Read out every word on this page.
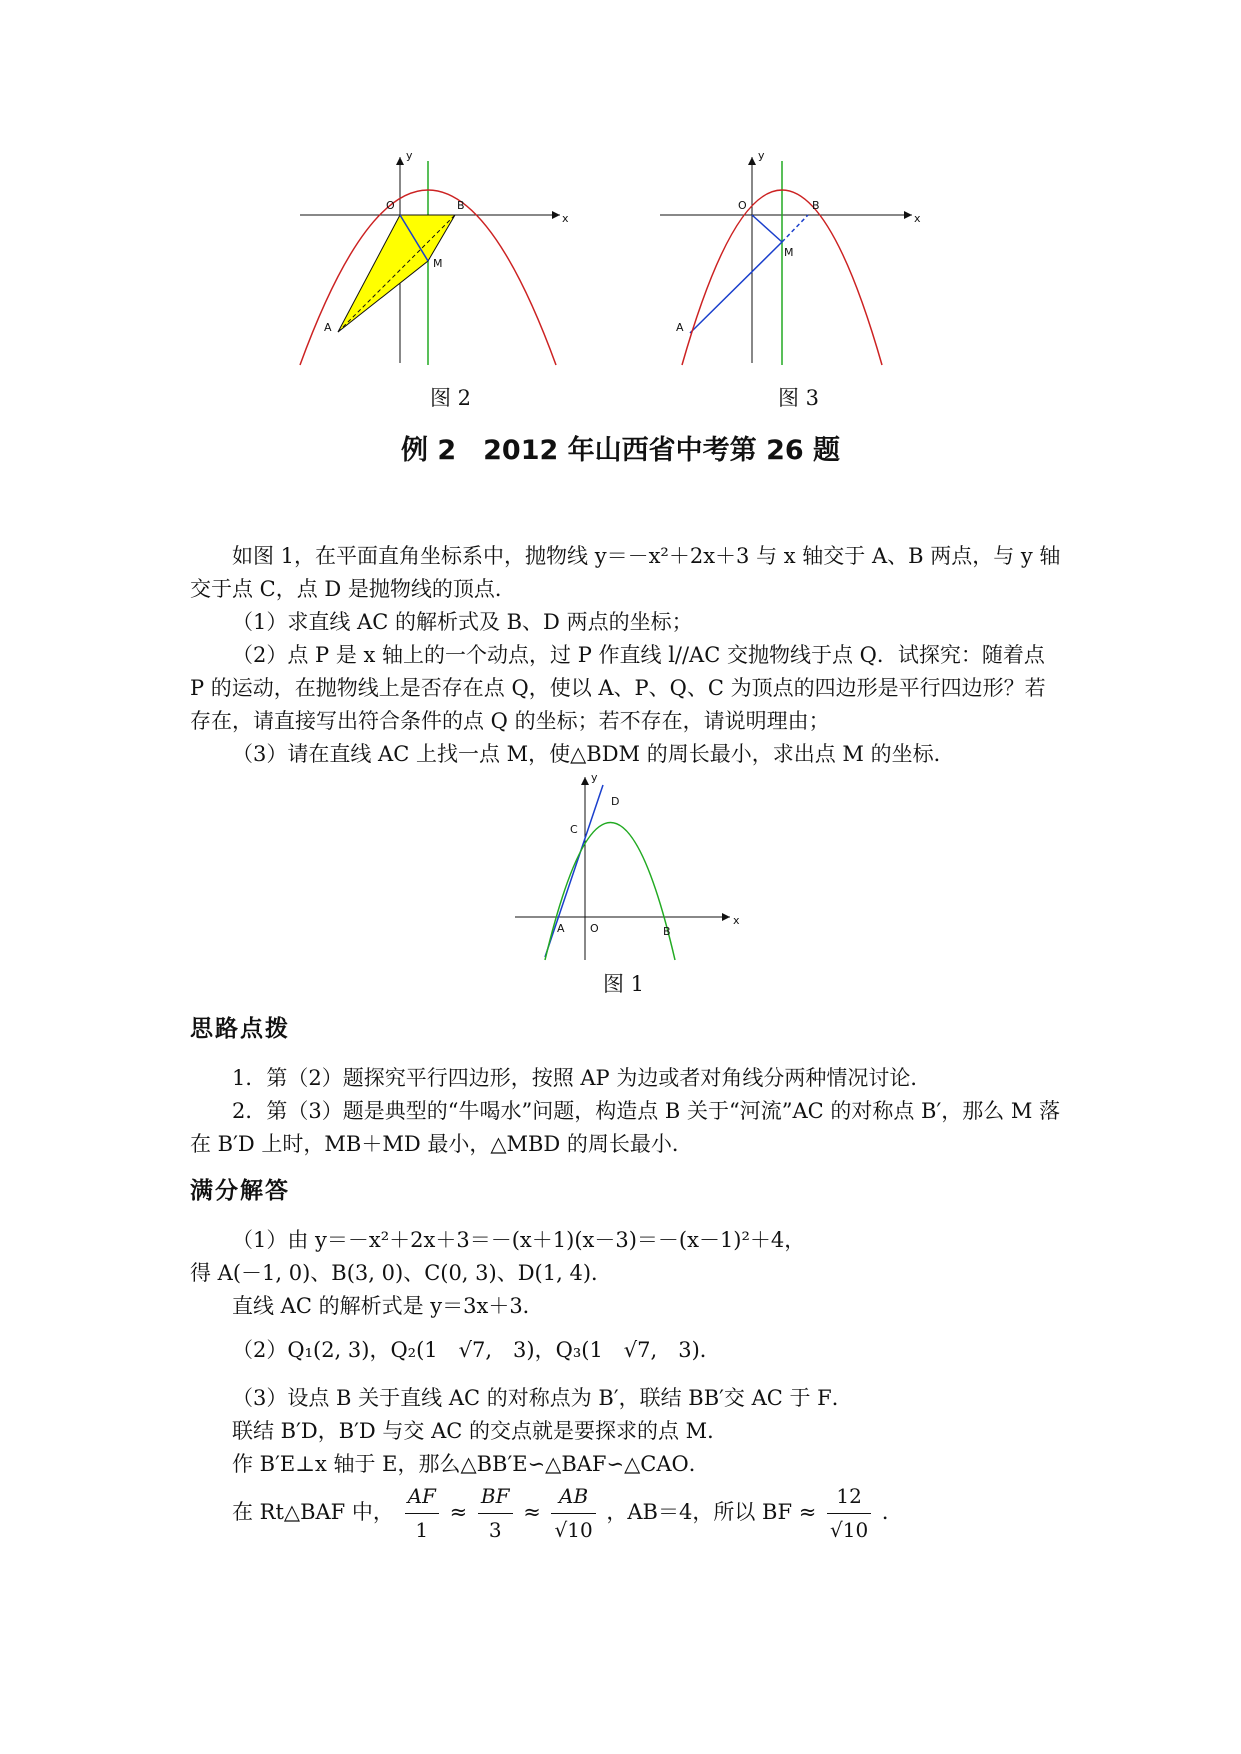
y
x
O	B
M
A
图 2
y
x
O	B
M
A
图 3
例 2　2012 年山西省中考第 26 题
如图 1，在平面直角坐标系中，抛物线 y＝－x²＋2x＋3 与 x 轴交于 A、B 两点，与 y 轴交于点 C，点 D 是抛物线的顶点．
（1）求直线 AC 的解析式及 B、D 两点的坐标；
（2）点 P 是 x 轴上的一个动点，过 P 作直线 l//AC 交抛物线于点 Q．试探究：随着点 P 的运动，在抛物线上是否存在点 Q，使以 A、P、Q、C 为顶点的四边形是平行四边形？若存在，请直接写出符合条件的点 Q 的坐标；若不存在，请说明理由；
（3）请在直线 AC 上找一点 M，使△BDM 的周长最小，求出点 M 的坐标．
y
x
D
C
A O	B
图 1
思路点拨
1．第（2）题探究平行四边形，按照 AP 为边或者对角线分两种情况讨论．
2．第（3）题是典型的“牛喝水”问题，构造点 B 关于“河流”AC 的对称点 B′，那么 M 落在 B′D 上时，MB＋MD 最小，△MBD 的周长最小．
满分解答
（1）由 y＝－x²＋2x＋3＝－(x＋1)(x－3)＝－(x－1)²＋4，
得 A(－1, 0)、B(3, 0)、C(0, 3)、D(1, 4)．
直线 AC 的解析式是 y＝3x＋3．
（2）Q₁(2, 3)，Q₂(1　√7,　3)，Q₃(1　√7,　3)．
（3）设点 B 关于直线 AC 的对称点为 B′，联结 BB′交 AC 于 F．
联结 B′D，B′D 与交 AC 的交点就是要探求的点 M．
作 B′E⊥x 轴于 E，那么△BB′E∽△BAF∽△CAO．
在 Rt△BAF 中， $\frac{AF}{1} \approx \frac{BF}{3} \approx \frac{AB}{√10}$ ，AB＝4，所以 BF ≈ $\frac{12}{√10}$ ．
